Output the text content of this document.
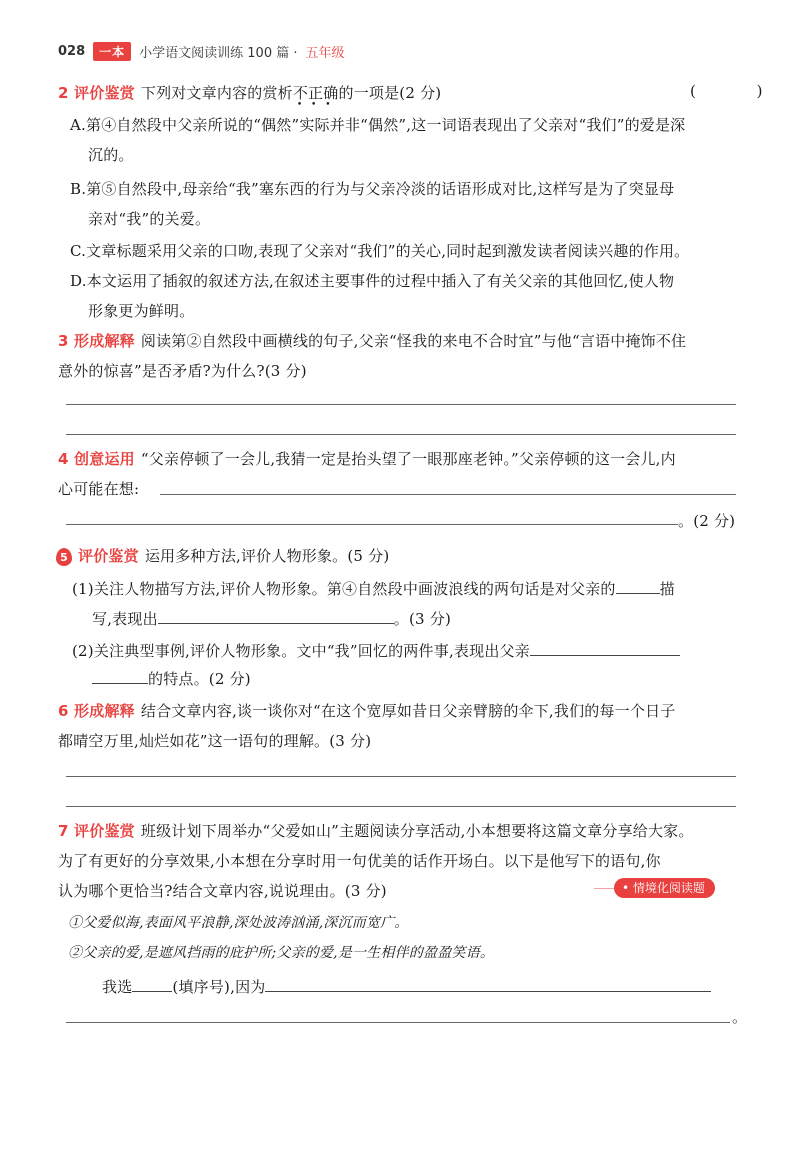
028	一本	小学语文阅读训练 100 篇 · 五年级
2 评价鉴赏 下列对文章内容的赏析不正确 • • •的一项是(2 分)	( )
A.第④自然段中父亲所说的“偶然”实际并非“偶然”,这一词语表现出了父亲对“我们”的爱是深
沉的。
B.第⑤自然段中,母亲给“我”塞东西的行为与父亲冷淡的话语形成对比,这样写是为了突显母
亲对“我”的关爱。
C.文章标题采用父亲的口吻,表现了父亲对“我们”的关心,同时起到激发读者阅读兴趣的作用。
D.本文运用了插叙的叙述方法,在叙述主要事件的过程中插入了有关父亲的其他回忆,使人物
形象更为鲜明。
3 形成解释 阅读第②自然段中画横线的句子,父亲“怪我的来电不合时宜”与他“言语中掩饰不住
意外的惊喜”是否矛盾?为什么?(3 分)
4 创意运用 “父亲停顿了一会儿,我猜一定是抬头望了一眼那座老钟。”父亲停顿的这一会儿,内
心可能在想:
。(2 分)
5 评价鉴赏 运用多种方法,评价人物形象。(5 分)
(1)关注人物描写方法,评价人物形象。第④自然段中画波浪线的两句话是对父亲的	描
写,表现出	。(3 分)
(2)关注典型事例,评价人物形象。文中“我”回忆的两件事,表现出父亲
的特点。(2 分)
6 形成解释 结合文章内容,谈一谈你对“在这个宽厚如昔日父亲臂膀的伞下,我们的每一个日子
都晴空万里,灿烂如花”这一语句的理解。(3 分)
7 评价鉴赏 班级计划下周举办“父爱如山”主题阅读分享活动,小本想要将这篇文章分享给大家。
为了有更好的分享效果,小本想在分享时用一句优美的话作开场白。以下是他写下的语句,你
认为哪个更恰当?结合文章内容,说说理由。(3 分)
•	情境化阅读题
①父爱似海,表面风平浪静,深处波涛汹涌,深沉而宽广。
②父亲的爱,是遮风挡雨的庇护所;父亲的爱,是一生相伴的盈盈笑语。
我选	(填序号),因为
。
